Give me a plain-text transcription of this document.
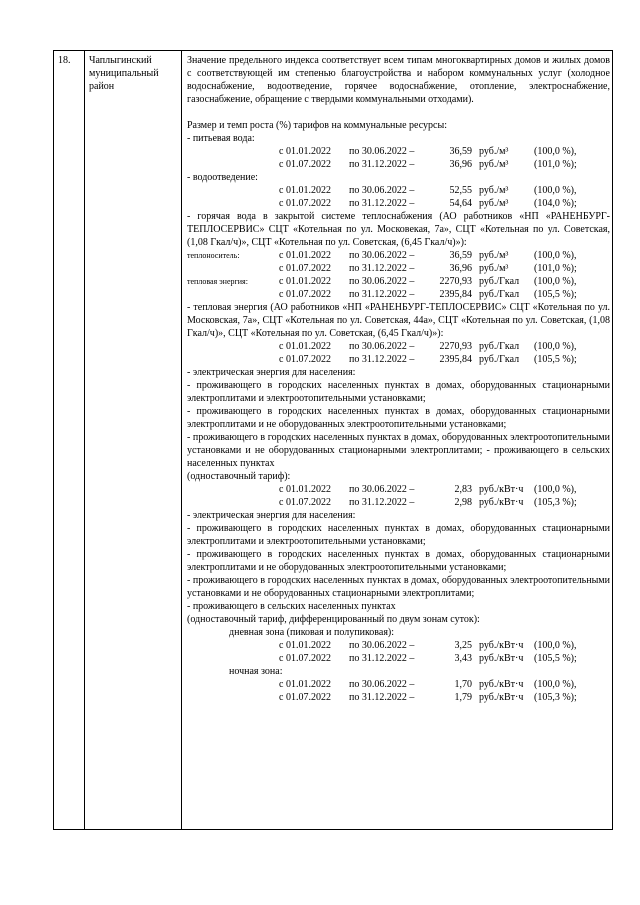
18.	Чаплыгинский муниципальный район

Значение предельного индекса соответствует всем типам многоквартирных домов и жилых домов с соответствующей им степенью благоустройства и набором коммунальных услуг (холодное водоснабжение, водоотведение, горячее водоснабжение, отопление, электроснабжение, газоснабжение, обращение с твердыми коммунальными отходами).

Размер и темп роста (%) тарифов на коммунальные ресурсы:

- питьевая вода:

с 01.01.2022 по 30.06.2022 –	36,59 руб./м³	(100,0 %),
с 01.07.2022 по 31.12.2022 –	36,96 руб./м³	(101,0 %);

- водоотведение:

с 01.01.2022 по 30.06.2022 –	52,55 руб./м³	(100,0 %),
с 01.07.2022 по 31.12.2022 –	54,64 руб./м³	(104,0 %);

- горячая вода в закрытой системе теплоснабжения (АО работников «НП «РАНЕНБУРГ-ТЕПЛОСЕРВИС» СЦТ «Котельная по ул. Московекая, 7а», СЦТ «Котельная по ул. Советская, (1,08 Гкал/ч)», СЦТ «Котельная по ул. Советская, (6,45 Гкал/ч)»):

теплоноситель:	с 01.01.2022 по 30.06.2022 –	36,59 руб./м³	(100,0 %),
с 01.07.2022 по 31.12.2022 –	36,96 руб./м³	(101,0 %);
тепловая энергия:	с 01.01.2022 по 30.06.2022 –	2270,93 руб./Гкал (100,0 %),
с 01.07.2022 по 31.12.2022 –	2395,84 руб./Гкал (105,5 %);

- тепловая энергия (АО работников «НП «РАНЕНБУРГ-ТЕПЛОСЕРВИС» СЦТ «Котельная по ул. Московская, 7а», СЦТ «Котельная по ул. Советская, 44а», СЦТ «Котельная по ул. Советская, (1,08 Гкал/ч)», СЦТ «Котельная по ул. Советская, (6,45 Гкал/ч)»):

с 01.01.2022 по 30.06.2022 –	2270,93 руб./Гкал (100,0 %),
с 01.07.2022 по 31.12.2022 –	2395,84 руб./Гкал (105,5 %);

- электрическая энергия для населения:

- проживающего в городских населенных пунктах в домах, оборудованных стационарными электроплитами и электроотопительными установками;

- проживающего в городских населенных пунктах в домах, оборудованных стационарными электроплитами и не оборудованных электроотопительными установками;

- проживающего в городских населенных пунктах в домах, оборудованных электроотопительными установками и не оборудованных стационарными электроплитами; - проживающего в сельских населенных пунктах

(одноставочный тариф):

с 01.01.2022 по 30.06.2022 –	2,83 руб./кВт·ч (100,0 %),
с 01.07.2022 по 31.12.2022 –	2,98 руб./кВт·ч (105,3 %);

- электрическая энергия для населения:

- проживающего в городских населенных пунктах в домах, оборудованных стационарными электроплитами и электроотопительными установками;

- проживающего в городских населенных пунктах в домах, оборудованных стационарными электроплитами и не оборудованных электроотопительными установками;

- проживающего в городских населенных пунктах в домах, оборудованных электроотопительными установками и не оборудованных стационарными электроплитами;

- проживающего в сельских населенных пунктах

(одноставочный тариф, дифференцированный по двум зонам суток):

дневная зона (пиковая и полупиковая):

с 01.01.2022 по 30.06.2022 –	3,25 руб./кВт·ч (100,0 %),
с 01.07.2022 по 31.12.2022 –	3,43 руб./кВт·ч (105,5 %);

ночная зона:

с 01.01.2022 по 30.06.2022 –	1,70 руб./кВт·ч (100,0 %),
с 01.07.2022 по 31.12.2022 –	1,79 руб./кВт·ч (105,3 %);
